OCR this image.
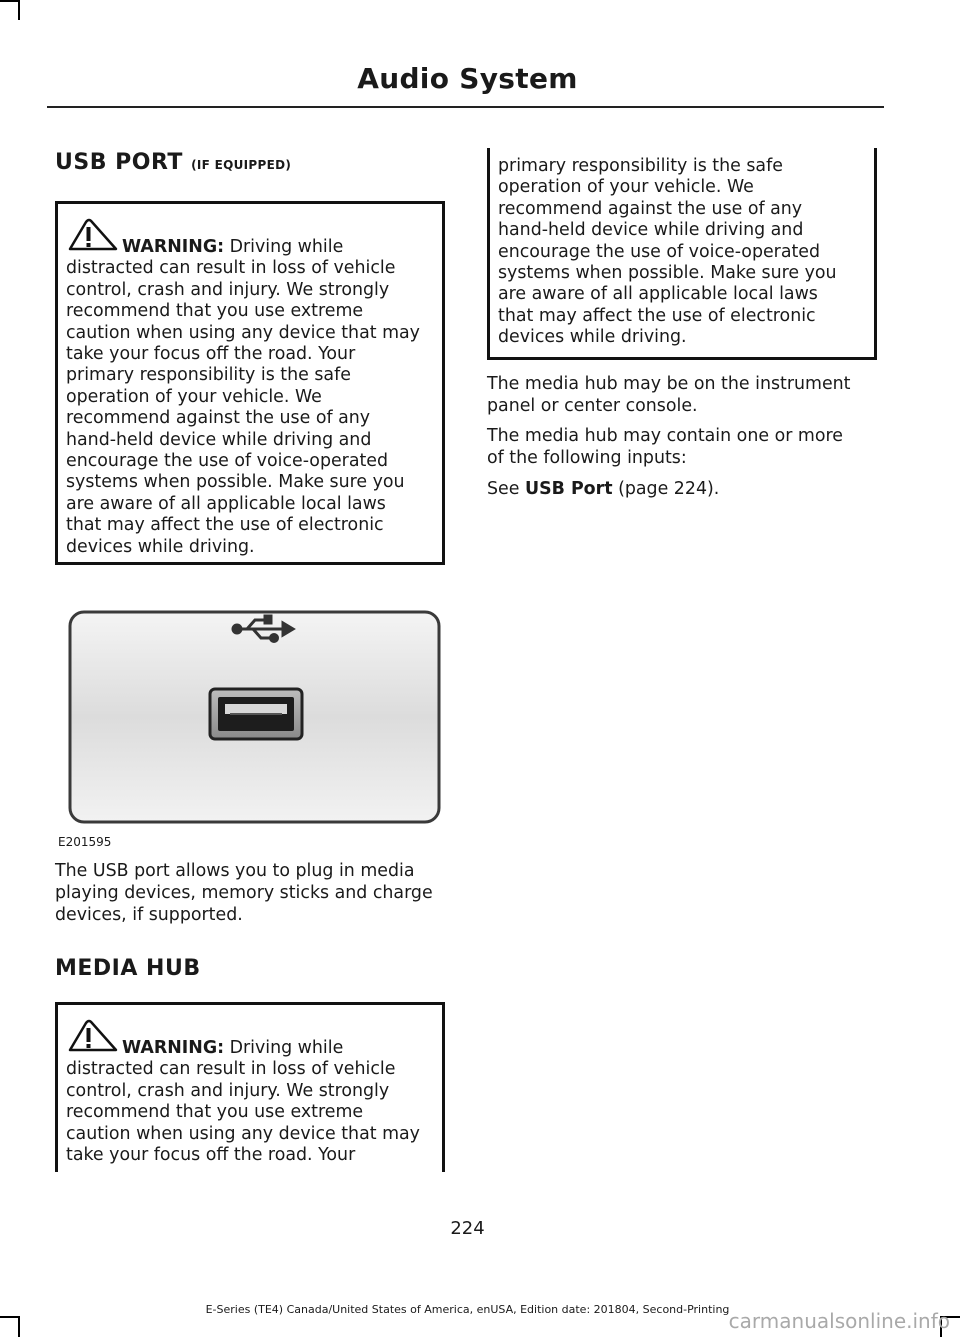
Audio System
USB PORT (IF EQUIPPED)
WARNING: Driving while
distracted can result in loss of vehicle
control, crash and injury. We strongly
recommend that you use extreme
caution when using any device that may
take your focus off the road. Your
primary responsibility is the safe
operation of your vehicle. We
recommend against the use of any
hand-held device while driving and
encourage the use of voice-operated
systems when possible. Make sure you
are aware of all applicable local laws
that may affect the use of electronic
devices while driving.
E201595
The USB port allows you to plug in media
playing devices, memory sticks and charge
devices, if supported.
MEDIA HUB
WARNING: Driving while
distracted can result in loss of vehicle
control, crash and injury. We strongly
recommend that you use extreme
caution when using any device that may
take your focus off the road. Your
primary responsibility is the safe
operation of your vehicle. We
recommend against the use of any
hand-held device while driving and
encourage the use of voice-operated
systems when possible. Make sure you
are aware of all applicable local laws
that may affect the use of electronic
devices while driving.
The media hub may be on the instrument
panel or center console.
The media hub may contain one or more
of the following inputs:
See USB Port (page 224).
224
E-Series (TE4) Canada/United States of America, enUSA, Edition date: 201804, Second-Printing carmanualsonline.info
